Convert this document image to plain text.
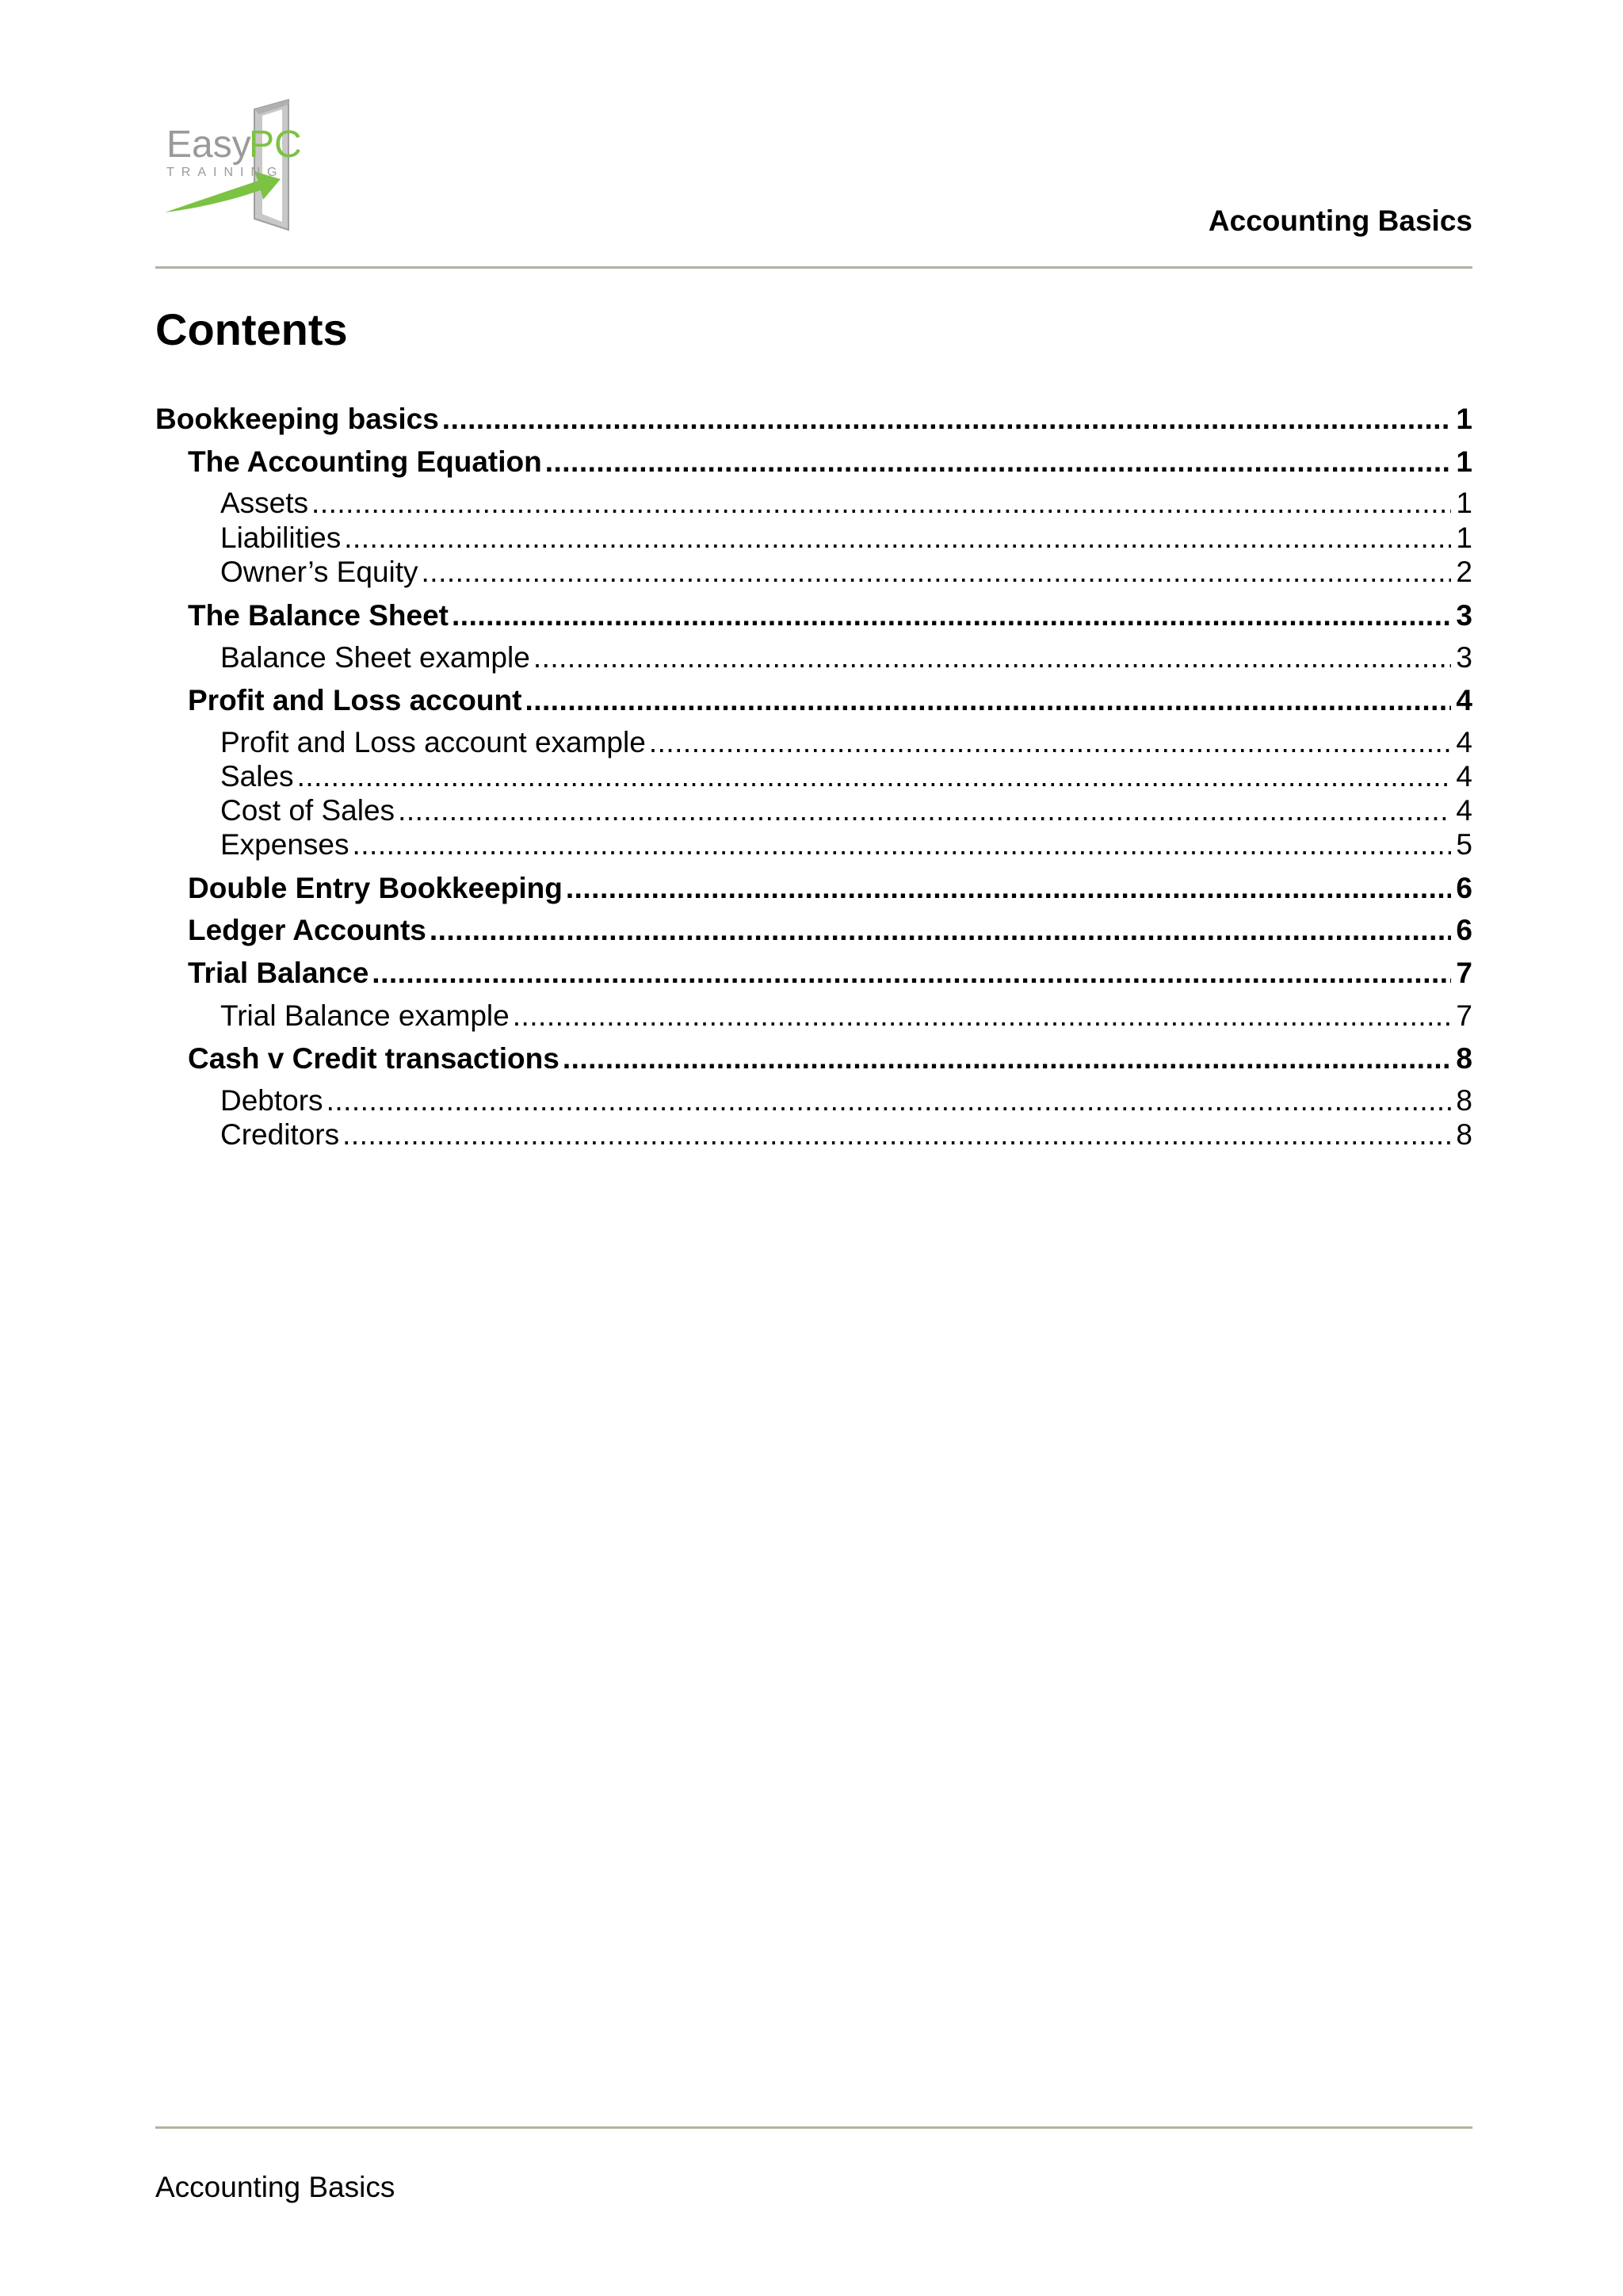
Easy
PC
TRAINING
Accounting Basics
Contents
Bookkeeping basics .....	1
The Accounting Equation .....	1
Assets .....	1
Liabilities .....	1
Owner’s Equity .....	2
The Balance Sheet .....	3
Balance Sheet example .....	3
Profit and Loss account .....	4
Profit and Loss account example .....	4
Sales .....	4
Cost of Sales .....	4
Expenses .....	5
Double Entry Bookkeeping .....	6
Ledger Accounts .....	6
Trial Balance .....	7
Trial Balance example .....	7
Cash v Credit transactions .....	8
Debtors .....	8
Creditors .....	8
Accounting Basics
